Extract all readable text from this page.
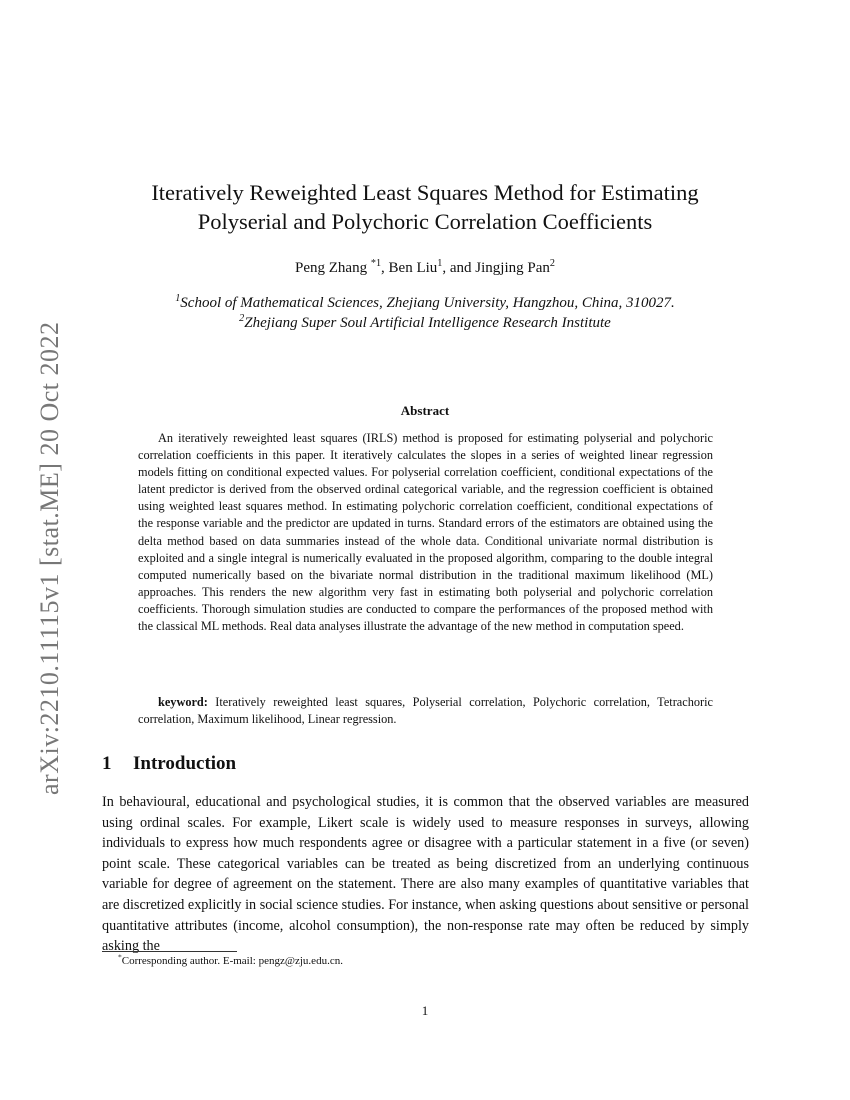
arXiv:2210.11115v1 [stat.ME] 20 Oct 2022
Iteratively Reweighted Least Squares Method for Estimating
Polyserial and Polychoric Correlation Coefficients
Peng Zhang $^{*1}$, Ben Liu$^1$, and Jingjing Pan$^2$
$^1$School of Mathematical Sciences, Zhejiang University, Hangzhou, China, 310027.
$^2$Zhejiang Super Soul Artificial Intelligence Research Institute
Abstract
An iteratively reweighted least squares (IRLS) method is proposed for estimating polyserial and polychoric correlation coefficients in this paper. It iteratively calculates the slopes in a series of weighted linear regression models fitting on conditional expected values. For polyserial correlation coefficient, conditional expectations of the latent predictor is derived from the observed ordinal categorical variable, and the regression coefficient is obtained using weighted least squares method. In estimating polychoric correlation coefficient, conditional expectations of the response variable and the predictor are updated in turns. Standard errors of the estimators are obtained using the delta method based on data summaries instead of the whole data. Conditional univariate normal distribution is exploited and a single integral is numerically evaluated in the proposed algorithm, comparing to the double integral computed numerically based on the bivariate normal distribution in the traditional maximum likelihood (ML) approaches. This renders the new algorithm very fast in estimating both polyserial and polychoric correlation coefficients. Thorough simulation studies are conducted to compare the performances of the proposed method with the classical ML methods. Real data analyses illustrate the advantage of the new method in computation speed.
keyword: Iteratively reweighted least squares, Polyserial correlation, Polychoric correlation, Tetrachoric correlation, Maximum likelihood, Linear regression.
1 Introduction
In behavioural, educational and psychological studies, it is common that the observed variables are measured using ordinal scales. For example, Likert scale is widely used to measure responses in surveys, allowing individuals to express how much respondents agree or disagree with a particular statement in a five (or seven) point scale. These categorical variables can be treated as being discretized from an underlying continuous variable for degree of agreement on the statement. There are also many examples of quantitative variables that are discretized explicitly in social science studies. For instance, when asking questions about sensitive or personal quantitative attributes (income, alcohol consumption), the non-response rate may often be reduced by simply asking the
*Corresponding author. E-mail: pengz@zju.edu.cn.
1
